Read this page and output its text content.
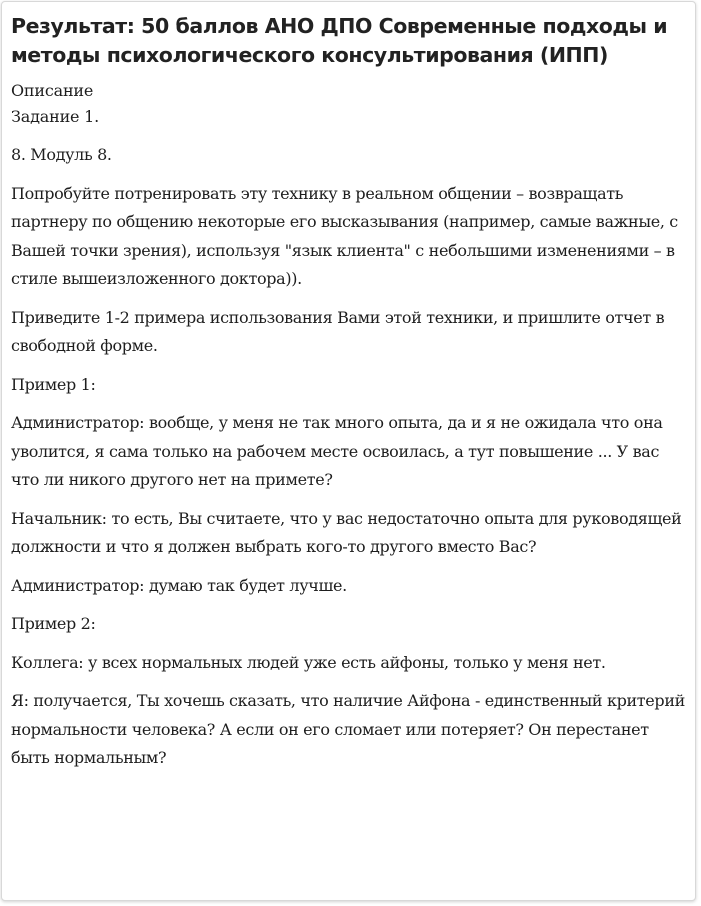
Результат: 50 баллов АНО ДПО Современные подходы и методы психологического консультирования (ИПП)

Описание

Задание 1.

8. Модуль 8.

Попробуйте потренировать эту технику в реальном общении – возвращать партнеру по общению некоторые его высказывания (например, самые важные, с Вашей точки зрения), используя "язык клиента" с небольшими изменениями – в стиле вышеизложенного доктора)).

Приведите 1-2 примера использования Вами этой техники, и пришлите отчет в свободной форме.

Пример 1:

Администратор: вообще, у меня не так много опыта, да и я не ожидала что она уволится, я сама только на рабочем месте освоилась, а тут повышение ... У вас что ли никого другого нет на примете?

Начальник: то есть, Вы считаете, что у вас недостаточно опыта для руководящей должности и что я должен выбрать кого-то другого вместо Вас?

Администратор: думаю так будет лучше.

Пример 2:

Коллега: у всех нормальных людей уже есть айфоны, только у меня нет.

Я: получается, Ты хочешь сказать, что наличие Айфона - единственный критерий нормальности человека? А если он его сломает или потеряет? Он перестанет быть нормальным?
